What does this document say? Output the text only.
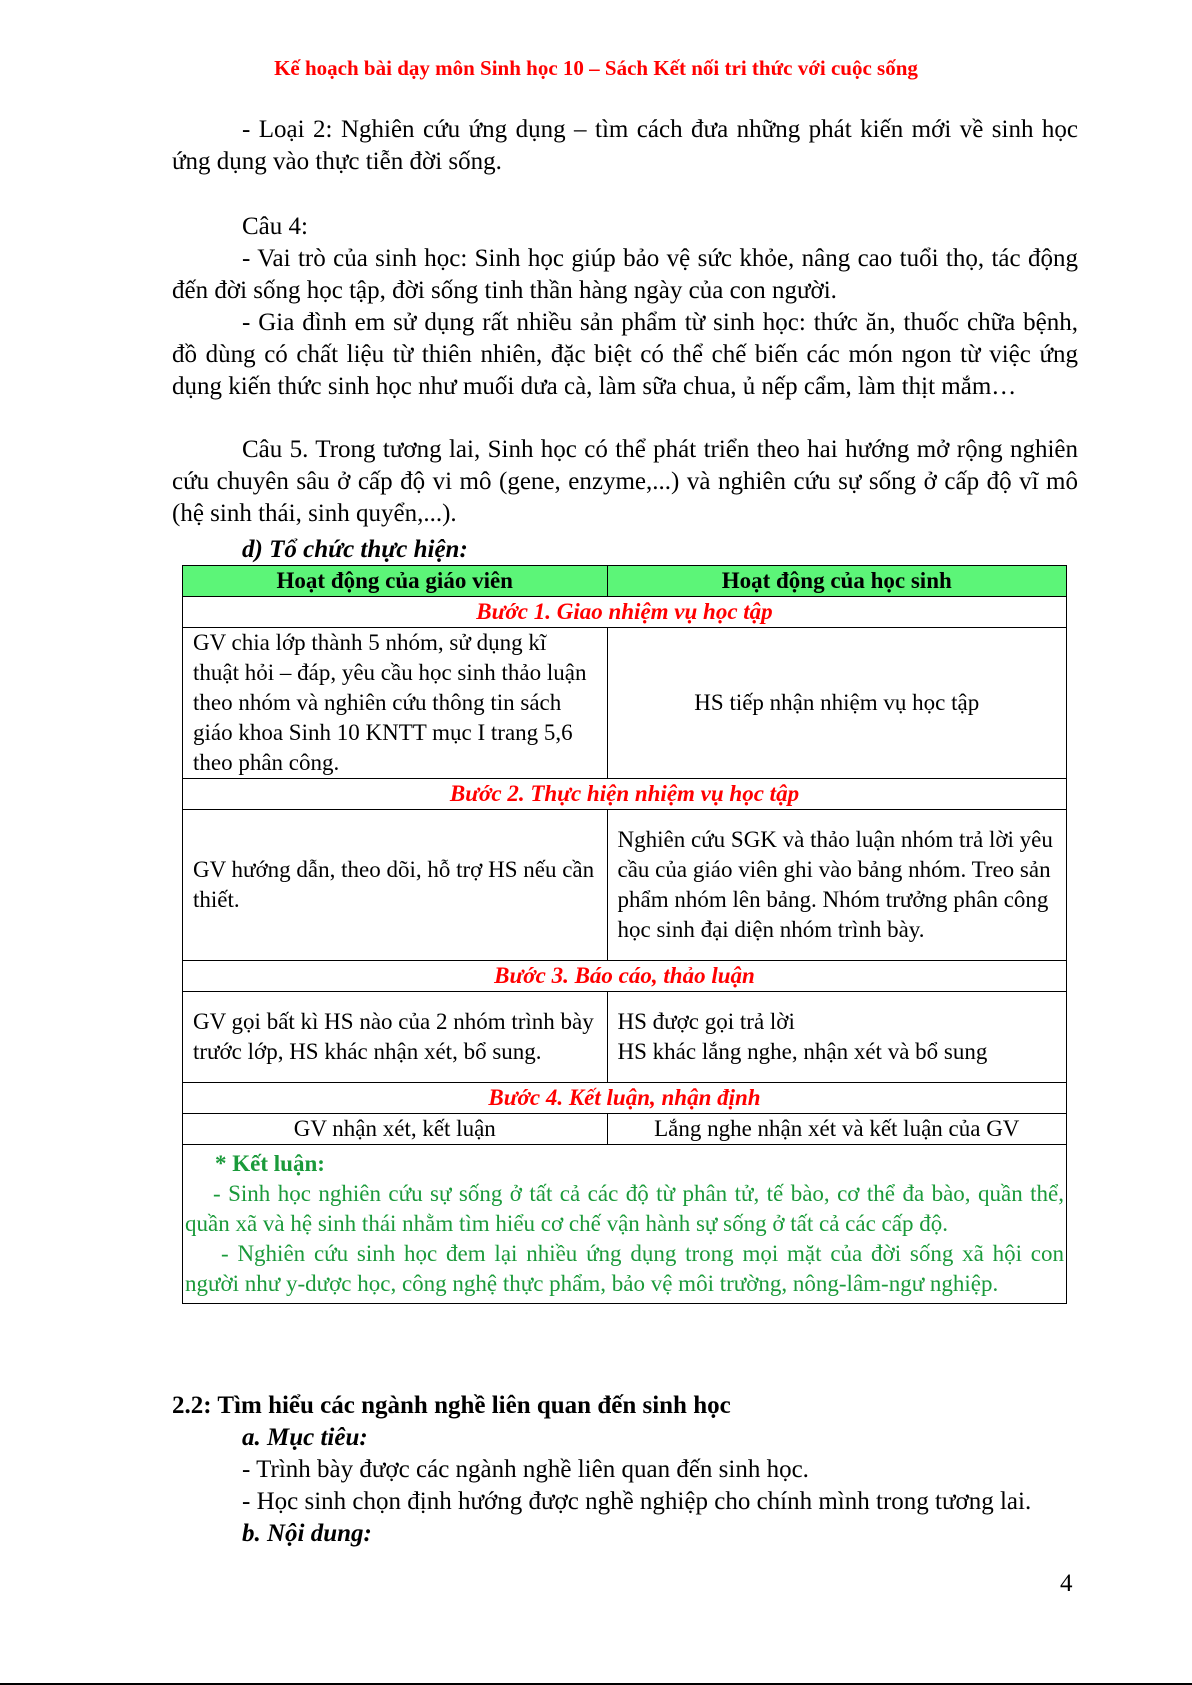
Kế hoạch bài dạy môn Sinh học 10 – Sách Kết nối tri thức với cuộc sống

- Loại 2: Nghiên cứu ứng dụng – tìm cách đưa những phát kiến mới về sinh học ứng dụng vào thực tiễn đời sống.

Câu 4:

- Vai trò của sinh học: Sinh học giúp bảo vệ sức khỏe, nâng cao tuổi thọ, tác động đến đời sống học tập, đời sống tinh thần hàng ngày của con người.

- Gia đình em sử dụng rất nhiều sản phẩm từ sinh học: thức ăn, thuốc chữa bệnh, đồ dùng có chất liệu từ thiên nhiên, đặc biệt có thể chế biến các món ngon từ việc ứng dụng kiến thức sinh học như muối dưa cà, làm sữa chua, ủ nếp cẩm, làm thịt mắm…

Câu 5. Trong tương lai, Sinh học có thể phát triển theo hai hướng mở rộng nghiên cứu chuyên sâu ở cấp độ vi mô (gene, enzyme,...) và nghiên cứu sự sống ở cấp độ vĩ mô (hệ sinh thái, sinh quyển,...).

d) Tổ chức thực hiện:

Hoạt động của giáo viên	Hoạt động của học sinh
Bước 1. Giao nhiệm vụ học tập	
GV chia lớp thành 5 nhóm, sử dụng kĩ thuật hỏi – đáp, yêu cầu học sinh thảo luận theo nhóm và nghiên cứu thông tin sách giáo khoa Sinh 10 KNTT mục I trang 5,6 theo phân công.	HS tiếp nhận nhiệm vụ học tập
Bước 2. Thực hiện nhiệm vụ học tập	
GV hướng dẫn, theo dõi, hỗ trợ HS nếu cần thiết.	Nghiên cứu SGK và thảo luận nhóm trả lời yêu cầu của giáo viên ghi vào bảng nhóm. Treo sản phẩm nhóm lên bảng. Nhóm trưởng phân công học sinh đại diện nhóm trình bày.
Bước 3. Báo cáo, thảo luận	
GV gọi bất kì HS nào của 2 nhóm trình bày trước lớp, HS khác nhận xét, bổ sung.	HS được gọi trả lời
HS khác lắng nghe, nhận xét và bổ sung

Bước 4. Kết luận, nhận định	
GV nhận xét, kết luận	Lắng nghe nhận xét và kết luận của GV

* Kết luận:

- Sinh học nghiên cứu sự sống ở tất cả các độ từ phân tử, tế bào, cơ thể đa bào, quần thể, quần xã và hệ sinh thái nhằm tìm hiểu cơ chế vận hành sự sống ở tất cả các cấp độ.

- Nghiên cứu sinh học đem lại nhiều ứng dụng trong mọi mặt của đời sống xã hội con người như y-dược học, công nghệ thực phẩm, bảo vệ môi trường, nông-lâm-ngư nghiệp.	

2.2: Tìm hiểu các ngành nghề liên quan đến sinh học

a. Mục tiêu:

- Trình bày được các ngành nghề liên quan đến sinh học.

- Học sinh chọn định hướng được nghề nghiệp cho chính mình trong tương lai.

b. Nội dung:

4
